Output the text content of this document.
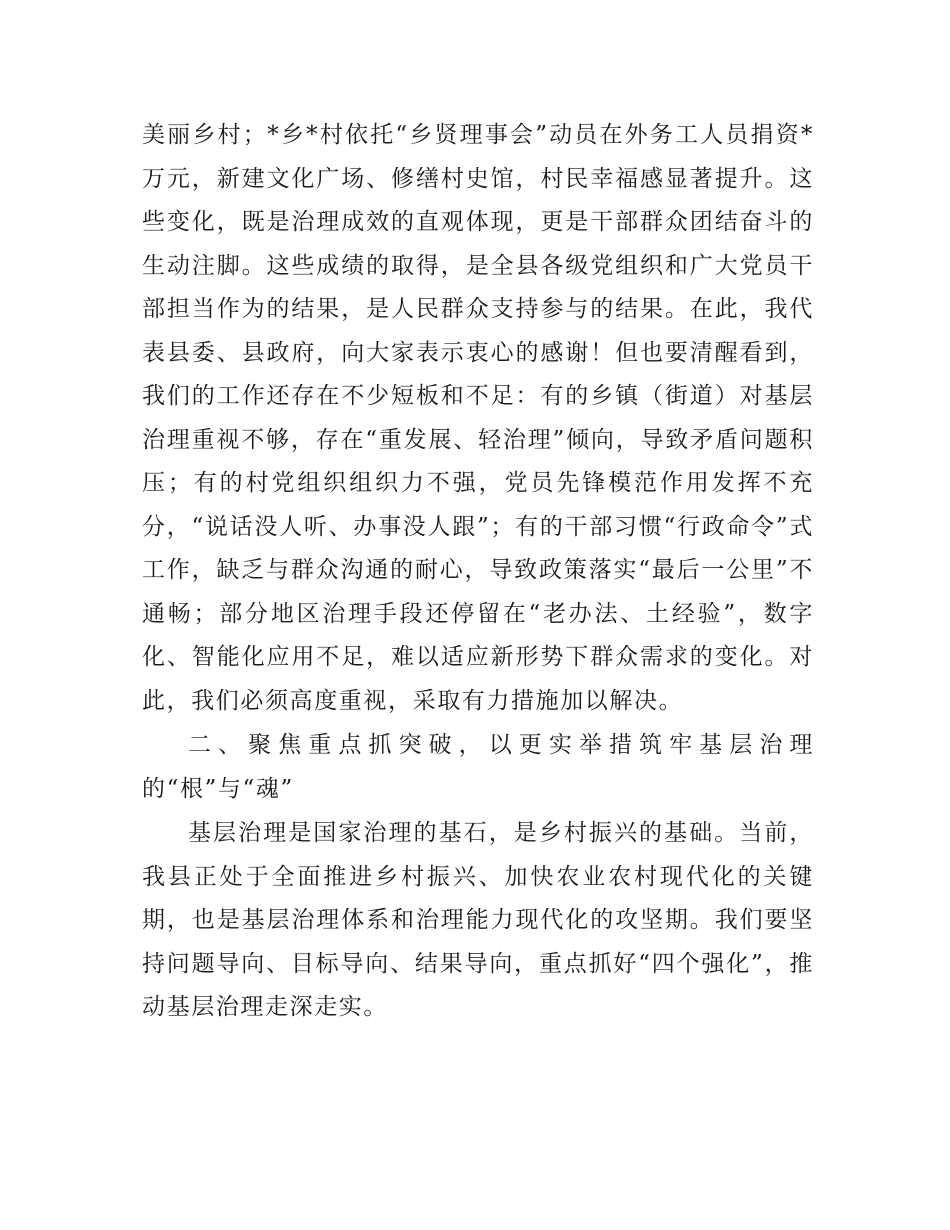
美丽乡村；*乡*村依托“乡贤理事会”动员在外务工人员捐资*万元，新建文化广场、修缮村史馆，村民幸福感显著提升。这些变化，既是治理成效的直观体现，更是干部群众团结奋斗的生动注脚。这些成绩的取得，是全县各级党组织和广大党员干部担当作为的结果，是人民群众支持参与的结果。在此，我代表县委、县政府，向大家表示衷心的感谢！但也要清醒看到，我们的工作还存在不少短板和不足：有的乡镇（街道）对基层治理重视不够，存在“重发展、轻治理”倾向，导致矛盾问题积压；有的村党组织组织力不强，党员先锋模范作用发挥不充分，“说话没人听、办事没人跟”；有的干部习惯“行政命令”式工作，缺乏与群众沟通的耐心，导致政策落实“最后一公里”不通畅；部分地区治理手段还停留在“老办法、土经验”，数字化、智能化应用不足，难以适应新形势下群众需求的变化。对此，我们必须高度重视，采取有力措施加以解决。

二、聚焦重点抓突破，以更实举措筑牢基层治理的“根”与“魂”

基层治理是国家治理的基石，是乡村振兴的基础。当前，我县正处于全面推进乡村振兴、加快农业农村现代化的关键期，也是基层治理体系和治理能力现代化的攻坚期。我们要坚持问题导向、目标导向、结果导向，重点抓好“四个强化”，推动基层治理走深走实。
